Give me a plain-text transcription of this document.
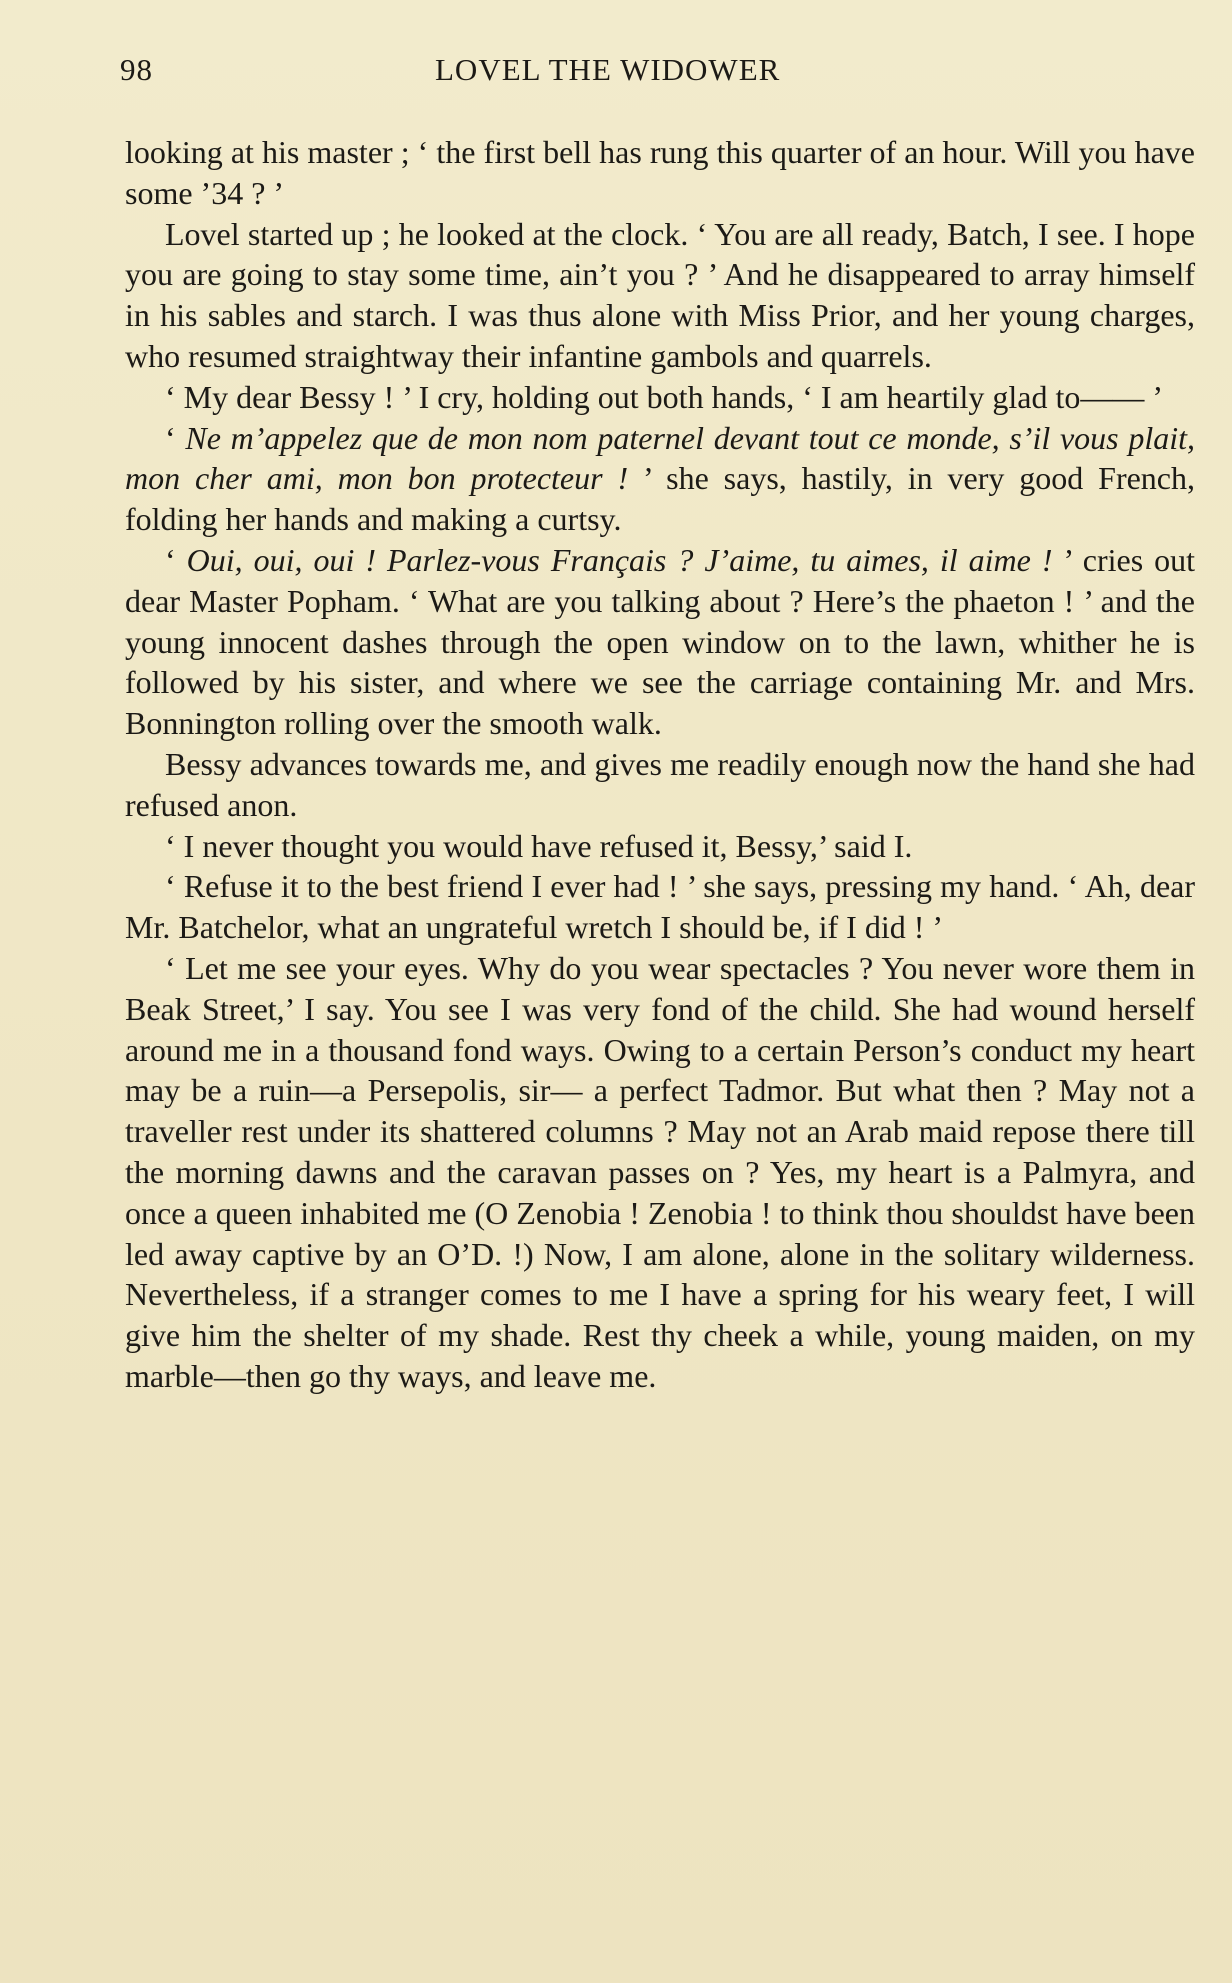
98	LOVEL THE WIDOWER

looking at his master ; ‘ the first bell has rung this quarter of an hour. Will you have some ’34 ? ’

Lovel started up ; he looked at the clock. ‘ You are all ready, Batch, I see. I hope you are going to stay some time, ain’t you ? ’ And he disappeared to array himself in his sables and starch. I was thus alone with Miss Prior, and her young charges, who resumed straightway their infantine gambols and quarrels.

‘ My dear Bessy ! ’ I cry, holding out both hands, ‘ I am heartily glad to—— ’

‘ Ne m’appelez que de mon nom paternel devant tout ce monde, s’il vous plait, mon cher ami, mon bon protecteur ! ’ she says, hastily, in very good French, folding her hands and making a curtsy.

‘ Oui, oui, oui ! Parlez-vous Français ? J’aime, tu aimes, il aime ! ’ cries out dear Master Popham. ‘ What are you talking about ? Here’s the phaeton ! ’ and the young innocent dashes through the open window on to the lawn, whither he is followed by his sister, and where we see the carriage containing Mr. and Mrs. Bonnington rolling over the smooth walk.

Bessy advances towards me, and gives me readily enough now the hand she had refused anon.

‘ I never thought you would have refused it, Bessy,’ said I.

‘ Refuse it to the best friend I ever had ! ’ she says, pressing my hand. ‘ Ah, dear Mr. Batchelor, what an ungrateful wretch I should be, if I did ! ’

‘ Let me see your eyes. Why do you wear spectacles ? You never wore them in Beak Street,’ I say. You see I was very fond of the child. She had wound herself around me in a thousand fond ways. Owing to a certain Person’s conduct my heart may be a ruin—a Persepolis, sir— a perfect Tadmor. But what then ? May not a traveller rest under its shattered columns ? May not an Arab maid repose there till the morning dawns and the caravan passes on ? Yes, my heart is a Palmyra, and once a queen inhabited me (O Zenobia ! Zenobia ! to think thou shouldst have been led away captive by an O’D. !) Now, I am alone, alone in the solitary wilderness. Nevertheless, if a stranger comes to me I have a spring for his weary feet, I will give him the shelter of my shade. Rest thy cheek a while, young maiden, on my marble—then go thy ways, and leave me.
